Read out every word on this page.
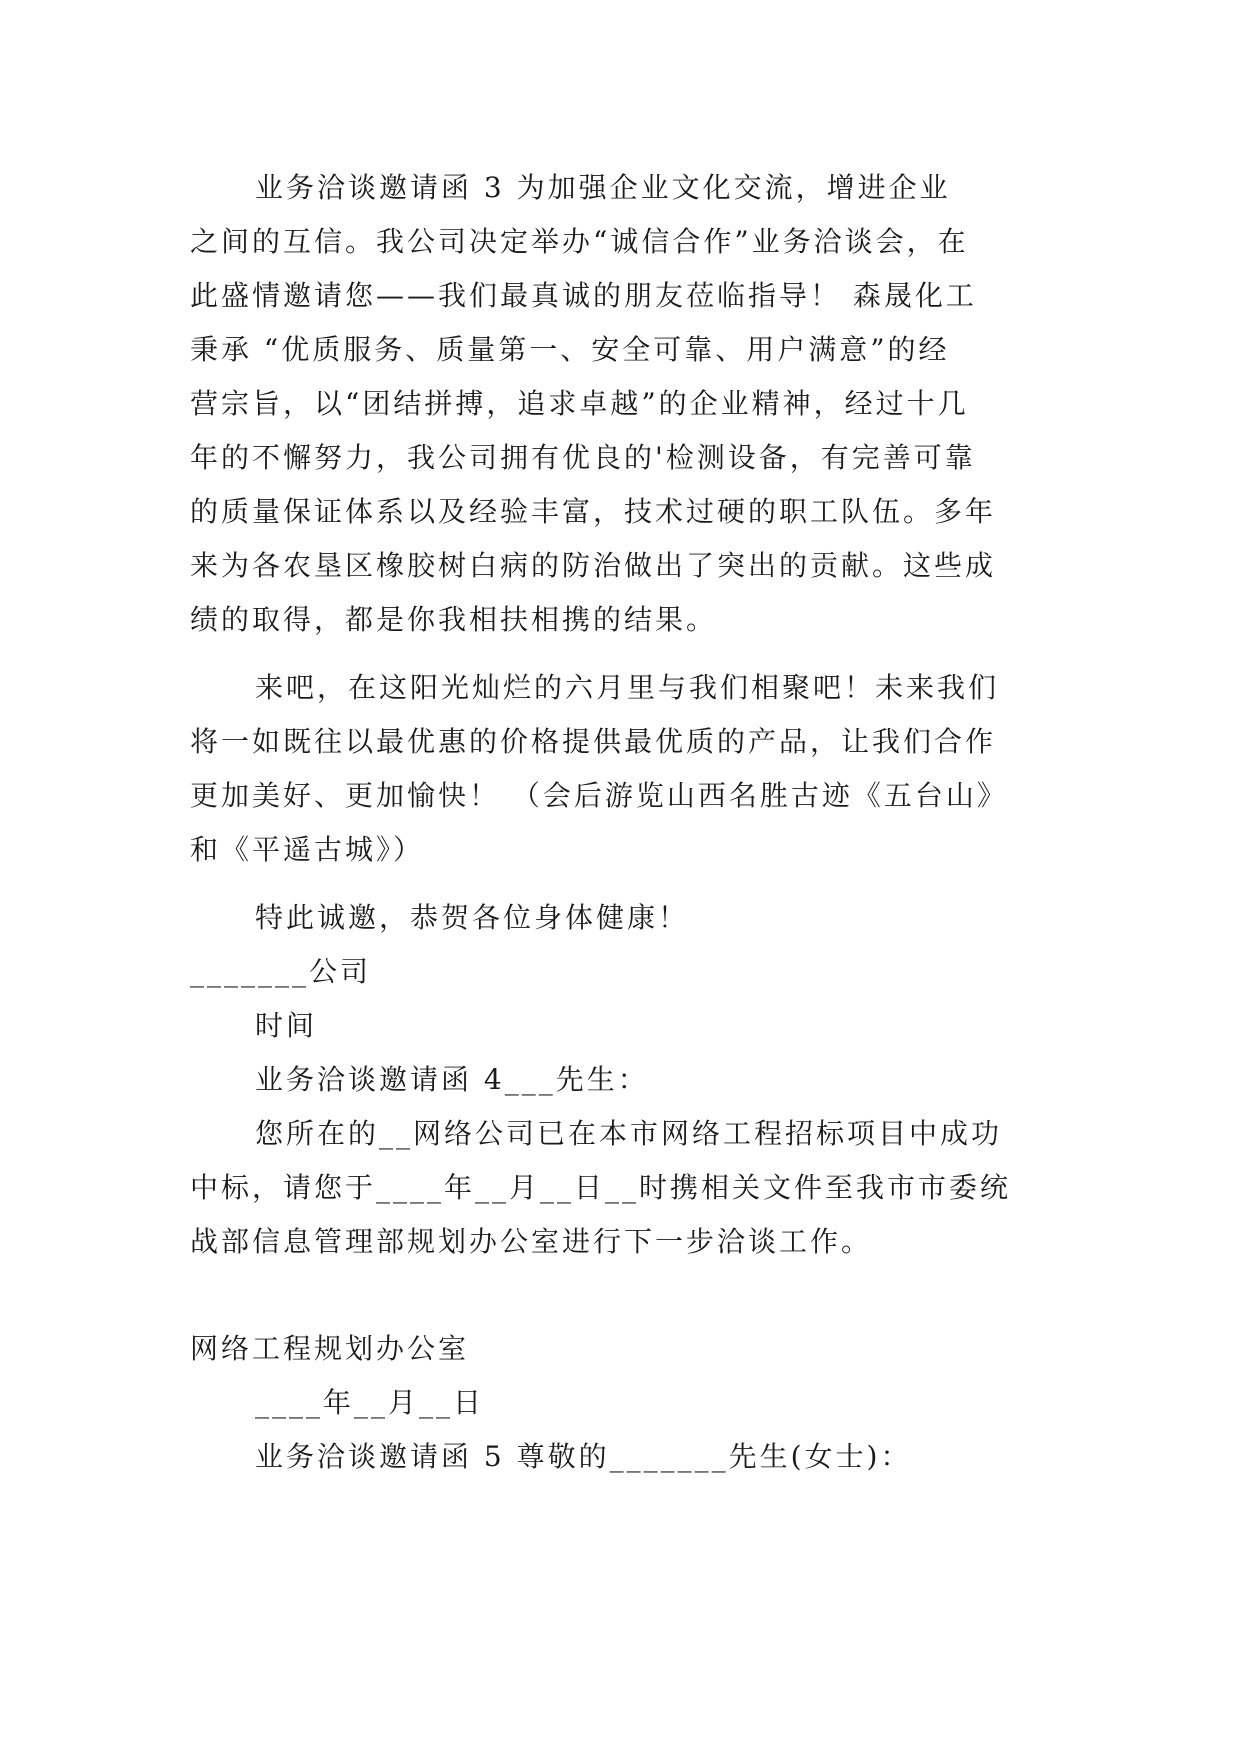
业务洽谈邀请函 3 为加强企业文化交流，增进企业
之间的互信。我公司决定举办“诚信合作”业务洽谈会，在
此盛情邀请您——我们最真诚的朋友莅临指导！ 森晟化工
秉承 “优质服务、质量第一、安全可靠、用户满意”的经
营宗旨，以“团结拼搏，追求卓越”的企业精神，经过十几
年的不懈努力，我公司拥有优良的'检测设备，有完善可靠
的质量保证体系以及经验丰富，技术过硬的职工队伍。多年
来为各农垦区橡胶树白病的防治做出了突出的贡献。这些成
绩的取得，都是你我相扶相携的结果。
来吧，在这阳光灿烂的六月里与我们相聚吧！未来我们
将一如既往以最优惠的价格提供最优质的产品，让我们合作
更加美好、更加愉快！ （会后游览山西名胜古迹《五台山》
和《平遥古城》）
特此诚邀，恭贺各位身体健康！
_______公司
时间
业务洽谈邀请函 4___先生：
您所在的__网络公司已在本市网络工程招标项目中成功
中标，请您于____年__月__日__时携相关文件至我市市委统
战部信息管理部规划办公室进行下一步洽谈工作。
网络工程规划办公室
____年__月__日
业务洽谈邀请函 5 尊敬的_______先生(女士)：
